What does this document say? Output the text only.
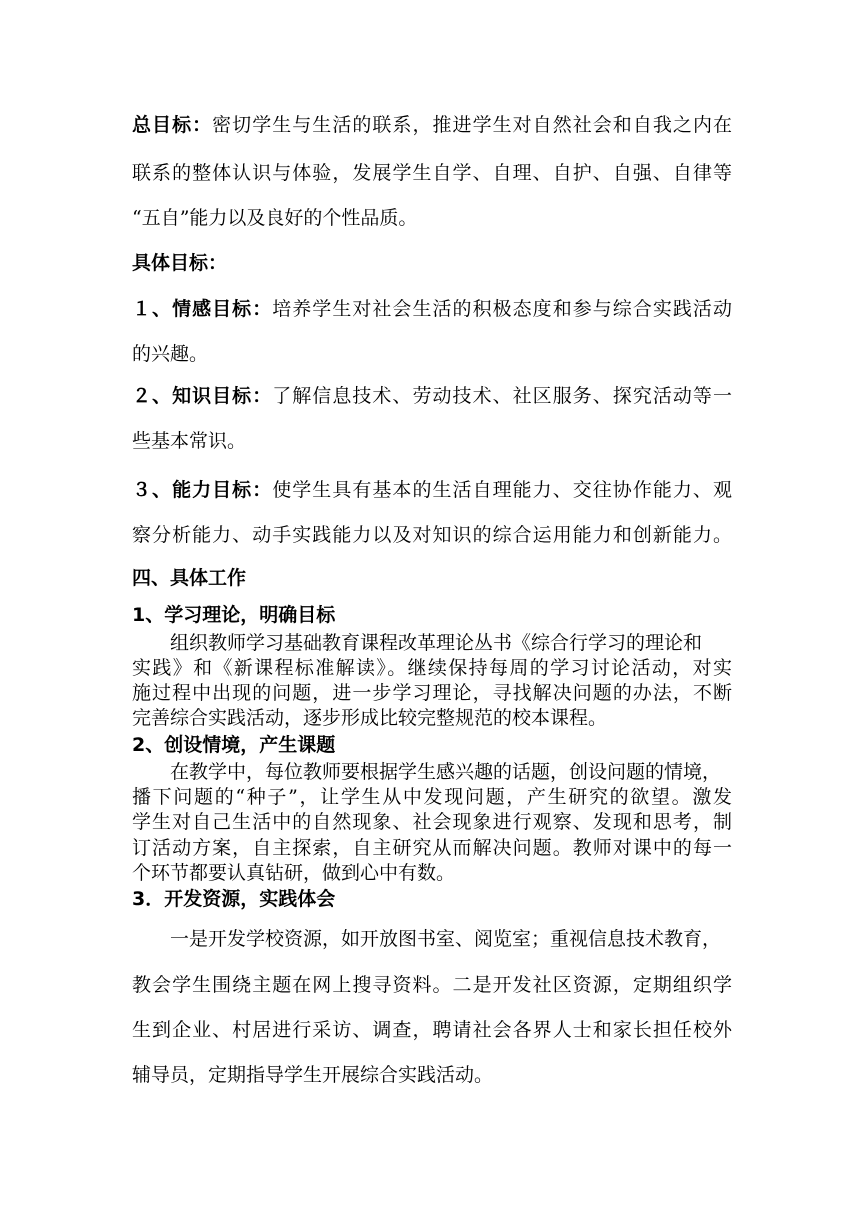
总目标：密切学生与生活的联系，推进学生对自然社会和自我之内在

联系的整体认识与体验，发展学生自学、自理、自护、自强、自律等

“五自”能力以及良好的个性品质。

具体目标：

１、情感目标：培养学生对社会生活的积极态度和参与综合实践活动

的兴趣。

２、知识目标：了解信息技术、劳动技术、社区服务、探究活动等一

些基本常识。

３、能力目标：使学生具有基本的生活自理能力、交往协作能力、观

察分析能力、动手实践能力以及对知识的综合运用能力和创新能力。

四、具体工作

1、学习理论，明确目标

组织教师学习基础教育课程改革理论丛书《综合行学习的理论和

实践》和《新课程标准解读》。继续保持每周的学习讨论活动，对实

施过程中出现的问题，进一步学习理论，寻找解决问题的办法，不断

完善综合实践活动，逐步形成比较完整规范的校本课程。

2、创设情境，产生课题

在教学中，每位教师要根据学生感兴趣的话题，创设问题的情境，

播下问题的“种子”，让学生从中发现问题，产生研究的欲望。激发

学生对自己生活中的自然现象、社会现象进行观察、发现和思考，制

订活动方案，自主探索，自主研究从而解决问题。教师对课中的每一

个环节都要认真钻研，做到心中有数。

3．开发资源，实践体会

一是开发学校资源，如开放图书室、阅览室；重视信息技术教育，

教会学生围绕主题在网上搜寻资料。二是开发社区资源，定期组织学

生到企业、村居进行采访、调查，聘请社会各界人士和家长担任校外

辅导员，定期指导学生开展综合实践活动。
